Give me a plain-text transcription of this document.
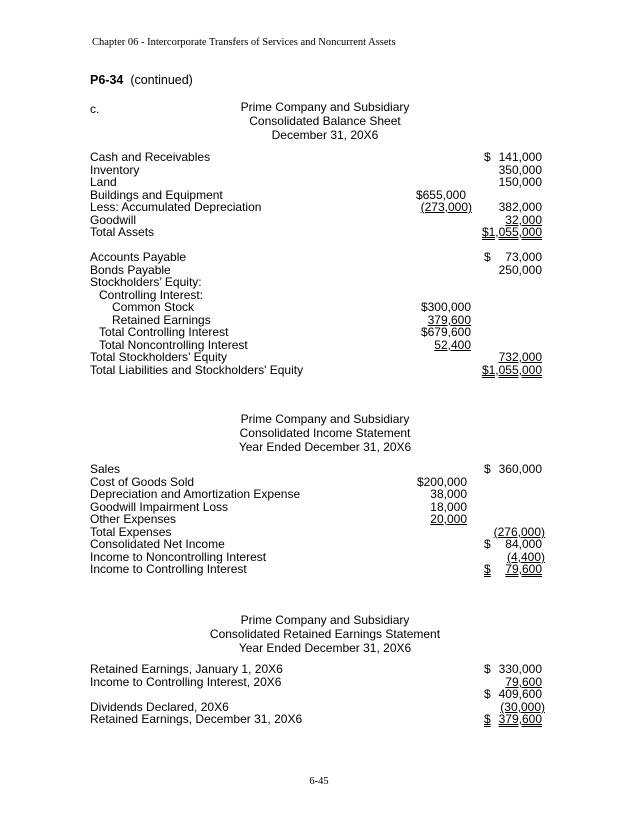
Chapter 06 - Intercorporate Transfers of Services and Noncurrent Assets
P6-34 (continued)
c.	Prime Company and Subsidiary
Consolidated Balance Sheet
December 31, 20X6
Cash and Receivables	$ 141,000
Inventory	350,000
Land	150,000
Buildings and Equipment	$655,000
Less: Accumulated Depreciation	(273,000)	382,000
Goodwill	32,000
Total Assets	$1,055,000
Accounts Payable	$	73,000
Bonds Payable	250,000
Stockholders’ Equity:
Controlling Interest:
Common Stock	$300,000
Retained Earnings	379,600
Total Controlling Interest	$679,600
Total Noncontrolling Interest	52,400
Total Stockholders’ Equity	732,000
Total Liabilities and Stockholders' Equity	$1,055,000
Prime Company and Subsidiary
Consolidated Income Statement
Year Ended December 31, 20X6
Sales	$ 360,000
Cost of Goods Sold	$200,000
Depreciation and Amortization Expense	38,000
Goodwill Impairment Loss	18,000
Other Expenses	20,000
Total Expenses	(276,000)
Consolidated Net Income	$	84,000
Income to Noncontrolling Interest	(4,400)
Income to Controlling Interest	$	79,600
Prime Company and Subsidiary
Consolidated Retained Earnings Statement
Year Ended December 31, 20X6
Retained Earnings, January 1, 20X6	$ 330,000
Income to Controlling Interest, 20X6	79,600
$ 409,600
Dividends Declared, 20X6	(30,000)
Retained Earnings, December 31, 20X6	$ 379,600
6-45
